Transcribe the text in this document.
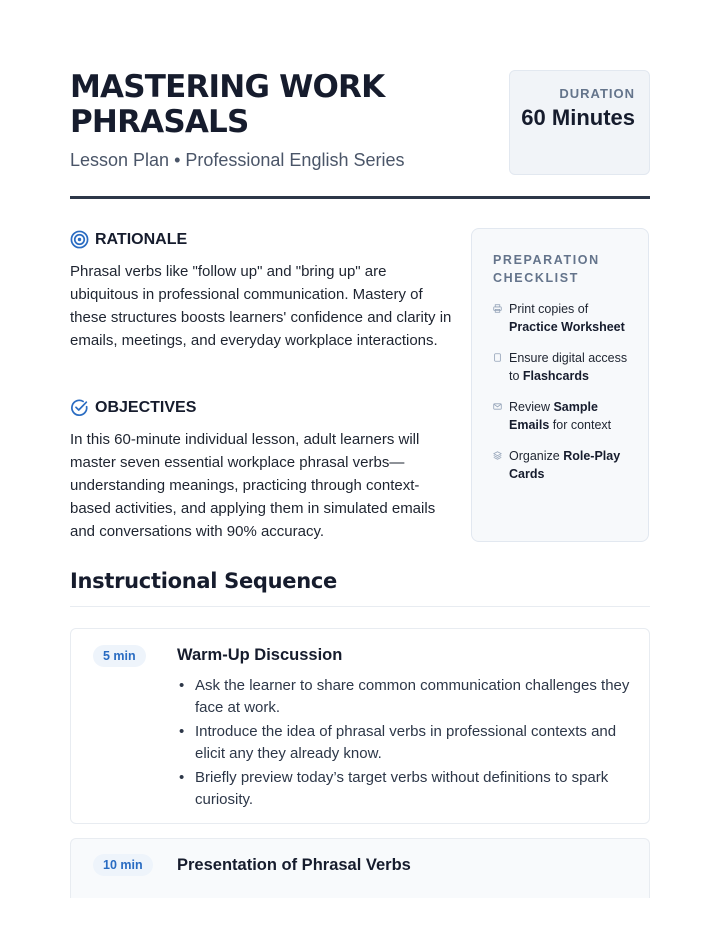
MASTERING WORK PHRASALS
Lesson Plan • Professional English Series
DURATION
60 Minutes
RATIONALE
Phrasal verbs like "follow up" and "bring up" are ubiquitous in professional communication. Mastery of these structures boosts learners' confidence and clarity in emails, meetings, and everyday workplace interactions.
OBJECTIVES
In this 60-minute individual lesson, adult learners will master seven essential workplace phrasal verbs—understanding meanings, practicing through context-based activities, and applying them in simulated emails and conversations with 90% accuracy.
PREPARATION CHECKLIST
Print copies of Practice Worksheet
Ensure digital access to Flashcards
Review Sample Emails for context
Organize Role-Play Cards
Instructional Sequence
5 min	Warm-Up Discussion
• Ask the learner to share common communication challenges they face at work.
• Introduce the idea of phrasal verbs in professional contexts and elicit any they already know.
• Briefly preview today’s target verbs without definitions to spark curiosity.
10 min	Presentation of Phrasal Verbs
